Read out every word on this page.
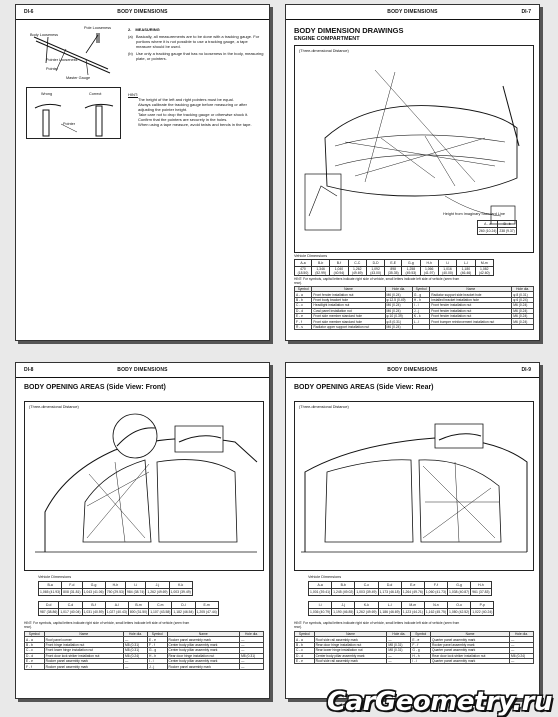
DI-6	BODY DIMENSIONS
Pole Looseness
Body Looseness
Pointer Looseness
Pointer
Master Gauge
Wrong	Correct
Pointer
2. MEASURING
(a) Basically, all measurements are to be done with a tracking gauge. For portions where it is not possible to use a tracking gauge, a tape measure should be used.
(b) Use only a tracking gauge that has no looseness in the body, measuring plate, or pointers.
HINT:
The height of the left and right pointers must be equal.
Always calibrate the tracking gauge before measuring or after adjusting the pointer height.
Take care not to drop the tracking gauge or otherwise shock it.
Confirm that the pointers are securely in the holes.
When using a tape measure, avoid twists and bends in the tape.
BODY DIMENSIONS	DI-7
BODY DIMENSION DRAWINGS
ENGINE COMPARTMENT
(Three-dimensional Distance)
Height from Imaginary Standard Line
A - a	B - b
260 (10.24)	238 (9.37)
Vehicle Dimensions
A-a	B-b	B-f	C-C	D-D	E-E	G-g	H-h	I-i	L-l	M-m
470 (18.50)	1,346 (52.99)	1,040 (40.94)	1,262 (49.69)	1,092 (43.00)	898 (35.35)	1,258 (49.53)	1,066 (41.97)	1,016 (40.00)	1,180 (46.46)	1,082 (42.60)
HINT: For symbols, capital letters indicate right side of vehicle, small letters indicate left side of vehicle (seen from rear).
Symbol	Name	Hole dia.	Symbol	Name	Hole dia.
A - a	Front fender installation nut	M6 (0.24)	G - g	Radiator support side bracket hole	φ 8 (0.31)
B - b	Front body bracket hole	φ 12.5 (0.49)	H - h	Installed bracket installation hole	φ 6 (0.24)
C - c	Headlight installation nut	M6 (0.24)	I - i	Front fender installation nut	M6 (0.24)
D - d	Cowl panel installation nut	M6 (0.24)	J - j	Front fender installation nut	M6 (0.24)
E - e	Front side member standard hole	φ 10 (0.39)	K - k	Front fender installation nut	M6 (0.24)
F - f	Front side member standard hole	φ 8 (0.31)	L - l	Front bumper reinforcement installation nut	M6 (0.24)
R - s	Radiator upper support installation nut	M6 (0.24)			
DI-8	BODY DIMENSIONS
BODY OPENING AREAS (Side View: Front)
(Three-dimensional Distance)
Vehicle Dimensions
B-a	F-d	G-g	H-h	I-i	J-j	K-k
1,065 (41.93)	808 (31.81)	1,043 (41.06)	750 (29.53)	984 (38.74)	1,262 (49.69)	1,003 (39.49)
D-d	C-d	B-f	A-l	B-m	C-m	D-l	E-m
987 (38.86)	1,017 (40.04)	1,031 (40.59)	1,027 (40.43)	800 (31.50)	1,107 (43.58)	1,182 (46.54)	1,205 (47.44)
HINT: For symbols, capital letters indicate right side of vehicle, small letters indicate left side of vehicle (seen from rear).
Symbol	Name	Hole dia.	Symbol	Name	Hole dia.
A - a	Roof panel corner	—	E - e	Rocker panel assembly mark	—
B - b	Front hinge installation nut	M8 (0.31)	F - f	Center body pillar assembly mark	—
C - c	Front lower hinge installation nut	M8 (0.31)	G - g	Center body pillar assembly mark	—
D - d	Front door lock striker installation nut	M6 (0.24)	H - h	Rear door hinge installation nut	M8 (0.31)
E - e	Rocker panel assembly mark	—	I - i	Center body pillar assembly mark	—
F - f	Rocker panel assembly mark	—	J - j	Rocker panel assembly mark	—
BODY DIMENSIONS	DI-9
BODY OPENING AREAS (Side View: Rear)
(Three-dimensional Distance)
Vehicle Dimensions
A-a	B-b	C-c	D-d	E-e	F-f	G-g	H-h
1,001 (39.41)	1,245 (49.02)	1,003 (39.49)	1,173 (46.18)	1,264 (49.76)	1,060 (41.73)	1,038 (40.87)	961 (37.83)
I-i	J-j	K-k	L-l	M-m	N-n	O-o	P-p
1,036 (40.79)	1,190 (46.85)	1,262 (49.69)	1,186 (46.69)	1,123 (44.21)	1,162 (45.75)	1,080 (42.52)	1,022 (40.24)
HINT: For symbols, capital letters indicate right side of vehicle, small letters indicate left side of vehicle (seen from rear).
Symbol	Name	Hole dia.	Symbol	Name	Hole dia.
A - a	Roof side rail assembly mark	—	E - e	Quarter panel assembly mark	—
B - b	Rear door hinge installation nut	M8 (0.31)	F - f	Rocker panel assembly mark	—
C - c	Rear lower hinge installation nut	M8 (0.31)	G - g	Quarter panel assembly mark	—
D - d	Center body pillar assembly mark	—	H - h	Rear door lock striker installation nut	M6 (0.24)
E - e	Roof side rail assembly mark	—	I - i	Quarter panel assembly mark	—
CarGeometry.ru
